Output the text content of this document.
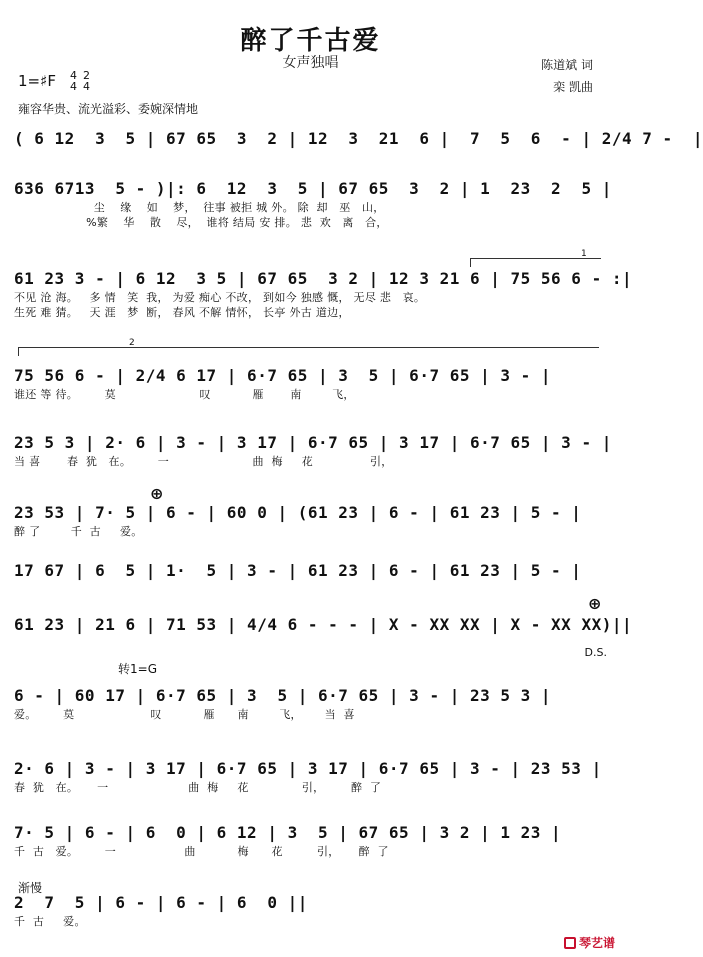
醉了千古爱
女声独唱	陈道斌 词
栾 凯曲
1=♯F 4
4
2
4
雍容华贵、流光溢彩、委婉深情地
( 6 12  3  5 | 67 65  3  2 | 12  3  21  6 |  7  5  6  - | 2/4 7 -  |
636 6713  5 - )|: 6  12  3  5 | 67 65  3  2 | 1  23  2  5 |
尘    缘    如    梦，  往事 被拒 城 外。 除  却   巫   山，
%繁    华    散    尽，  谁将 结局 安 排。 悲  欢   离   合，
1
61 23 3 - | 6 12  3 5 | 67 65  3 2 | 12 3 21 6 | 75 56 6 - :|
不见 沧 海。   多 情   笑  我， 为爱 痴心 不改， 到如今 独感 慨， 无尽 悲   哀。
生死 难 猜。   天 涯   梦  断， 春风 不解 情怀， 长亭 外古 道边，
2
75 56 6 - | 2/4 6 17 | 6·7 65 | 3  5 | 6·7 65 | 3 - |
谁还 等 待。       莫                      叹           雁       南        飞，
23 5 3 | 2· 6 | 3 - | 3 17 | 6·7 65 | 3 17 | 6·7 65 | 3 - |
当 喜       春  犹   在。       一                      曲  梅     花               引，
⊕
23 53 | 7· 5 | 6 - | 60 0 | (61 23 | 6 - | 61 23 | 5 - |
醉 了        千  古     爱。
17 67 | 6  5 | 1·  5 | 3 - | 61 23 | 6 - | 61 23 | 5 - |
⊕
61 23 | 21 6 | 71 53 | 4/4 6 - - - | X - XX XX | X - XX XX)||
D.S.
转1=G
6 - | 60 17 | 6·7 65 | 3  5 | 6·7 65 | 3 - | 23 5 3 |
爱。       莫                    叹           雁      南        飞，      当  喜
2· 6 | 3 - | 3 17 | 6·7 65 | 3 17 | 6·7 65 | 3 - | 23 53 |
春  犹   在。     一                     曲  梅     花              引，       醉  了
7· 5 | 6 - | 6  0 | 6 12 | 3  5 | 67 65 | 3 2 | 1 23 |
千  古   爱。       一                  曲           梅      花         引，     醉  了
渐慢
2  7  5 | 6 - | 6 - | 6  0 ||
千  古     爱。
琴艺谱
